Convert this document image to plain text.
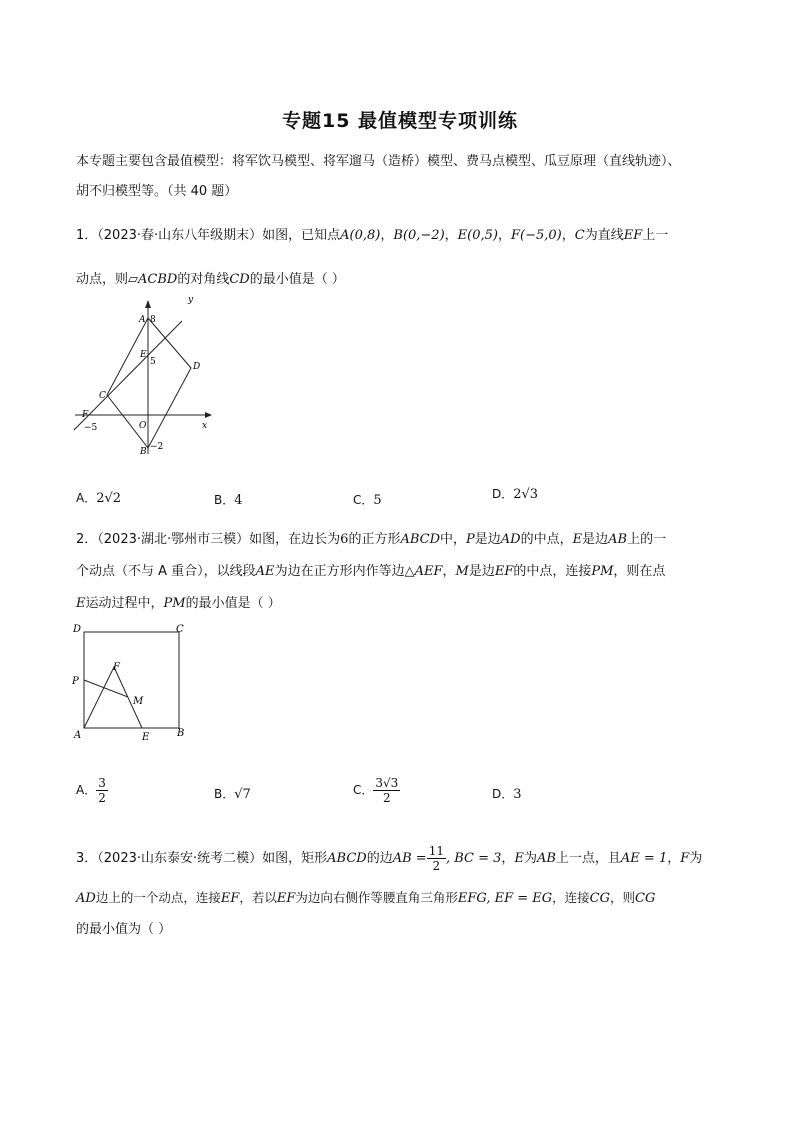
专题15 最值模型专项训练
本专题主要包含最值模型：将军饮马模型、将军遛马（造桥）模型、费马点模型、瓜豆原理（直线轨迹）、
胡不归模型等。（共 40 题）
1．（2023·春·山东八年级期末）如图，已知点A(0,8)，B(0,−2)，E(0,5)，F(−5,0)，C为直线EF上一
动点，则▱ACBD的对角线CD的最小值是（ ）
y
x
A 8
E
5	D
C
F
−5	O
B −2
A．2√2	B．4	C．5	D．2√3
2．（2023·湖北·鄂州市三模）如图，在边长为6的正方形ABCD中，P是边AD的中点，E是边AB上的一
个动点（不与 A 重合），以线段AE为边在正方形内作等边△AEF，M是边EF的中点，连接PM，则在点
E运动过程中，PM的最小值是（ ）
D	C
F
P
M
A	E	B
A． $\frac{3}{2}$	B．√7	C． $\frac{3√3}{2}$	D．3
3．（2023·山东泰安·统考二模）如图，矩形ABCD的边AB = $\frac{11}{2}$ , BC = 3，E为AB上一点，且AE = 1，F为
AD边上的一个动点，连接EF，若以EF为边向右侧作等腰直角三角形EFG, EF = EG，连接CG，则CG
的最小值为（ ）
